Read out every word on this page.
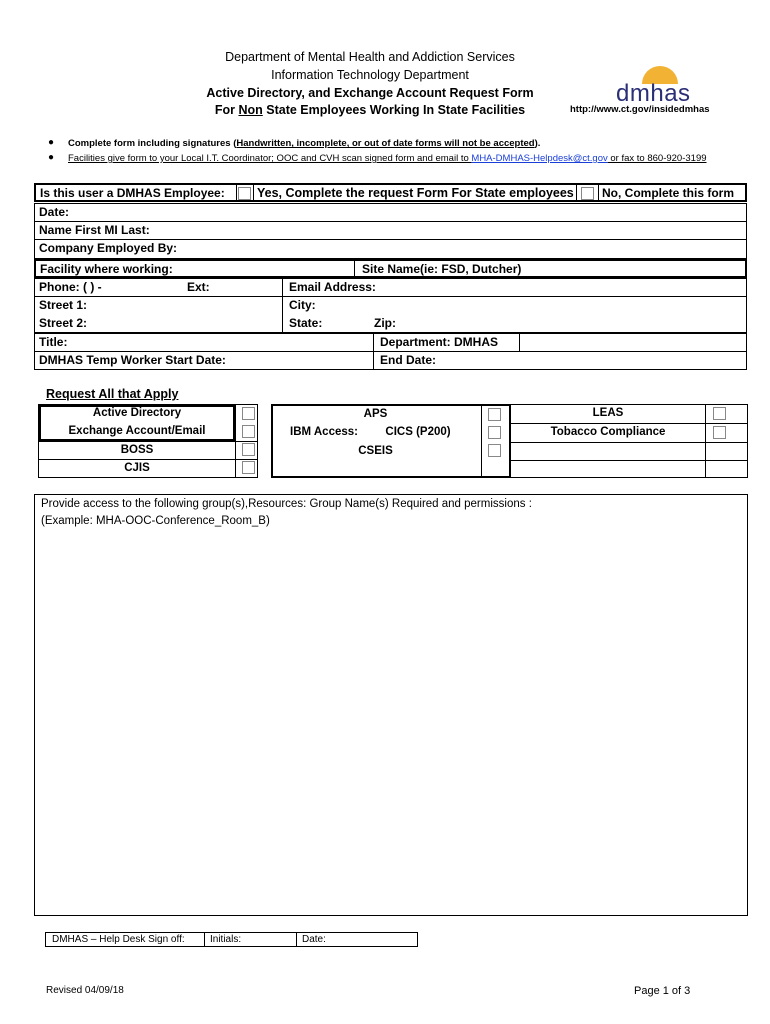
Department of Mental Health and Addiction Services
Information Technology Department
Active Directory, and Exchange Account Request Form
For Non State Employees Working In State Facilities
dmhas
http://www.ct.gov/insidedmhas
● Complete form including signatures (Handwritten, incomplete, or out of date forms will not be accepted).
● Facilities give form to your Local I.T. Coordinator; OOC and CVH scan signed form and email to MHA-DMHAS-Helpdesk@ct.gov or fax to 860-920-3199
Is this user a DMHAS Employee:	Yes, Complete the request Form For State employees	No, Complete this form
Date:
Name First MI Last:
Company Employed By:
Facility where working:	Site Name(ie: FSD, Dutcher)
Phone: ( ) -	Ext:	Email Address:
Street 1:
Street 2:
City:
State:	Zip:
Title:	Department: DMHAS
DMHAS Temp Worker Start Date:	End Date:
Request All that Apply
Active Directory
Exchange Account/Email
BOSS
CJIS
APS
IBM Access:	CICS (P200)
CSEIS
LEAS
Tobacco Compliance
Provide access to the following group(s),Resources: Group Name(s) Required and permissions :
(Example: MHA-OOC-Conference_Room_B)
DMHAS – Help Desk Sign off:	Initials:	Date:
Revised 04/09/18	Page 1 of 3
